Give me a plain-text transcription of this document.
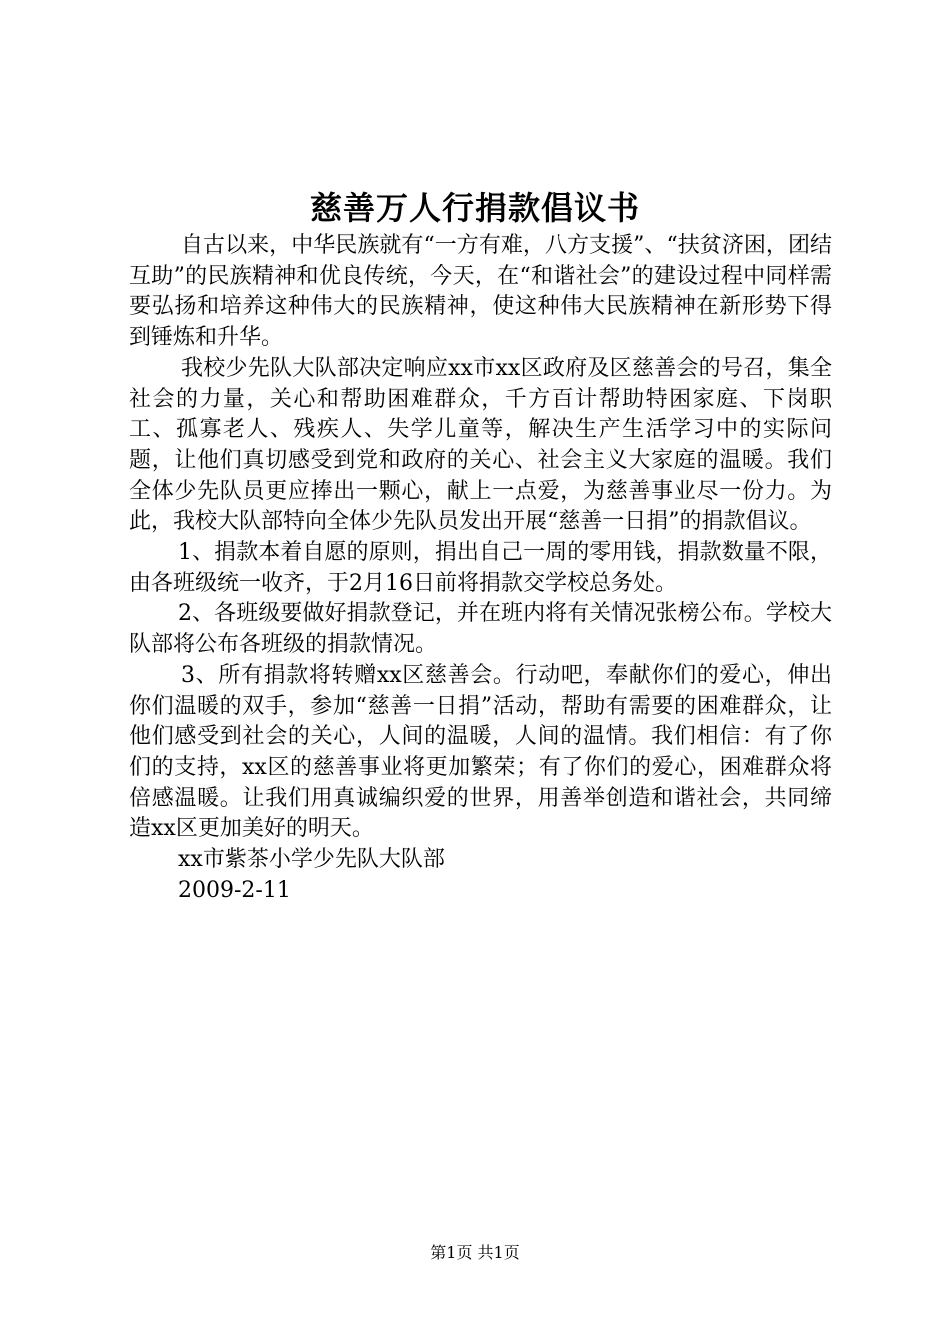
慈善万人行捐款倡议书

自古以来，中华民族就有“一方有难，八方支援”、“扶贫济困，团结互助”的民族精神和优良传统，今天，在“和谐社会”的建设过程中同样需要弘扬和培养这种伟大的民族精神，使这种伟大民族精神在新形势下得到锤炼和升华。

我校少先队大队部决定响应xx市xx区政府及区慈善会的号召，集全社会的力量，关心和帮助困难群众，千方百计帮助特困家庭、下岗职工、孤寡老人、残疾人、失学儿童等，解决生产生活学习中的实际问题，让他们真切感受到党和政府的关心、社会主义大家庭的温暖。我们全体少先队员更应捧出一颗心，献上一点爱，为慈善事业尽一份力。为此，我校大队部特向全体少先队员发出开展“慈善一日捐”的捐款倡议。

1、捐款本着自愿的原则，捐出自己一周的零用钱，捐款数量不限，由各班级统一收齐，于2月16日前将捐款交学校总务处。

2、各班级要做好捐款登记，并在班内将有关情况张榜公布。学校大队部将公布各班级的捐款情况。

3、所有捐款将转赠xx区慈善会。行动吧，奉献你们的爱心，伸出你们温暖的双手，参加“慈善一日捐”活动，帮助有需要的困难群众，让他们感受到社会的关心，人间的温暖，人间的温情。我们相信：有了你们的支持，xx区的慈善事业将更加繁荣；有了你们的爱心，困难群众将倍感温暖。让我们用真诚编织爱的世界，用善举创造和谐社会，共同缔造xx区更加美好的明天。

xx市紫茶小学少先队大队部

2009-2-11

第1页 共1页
